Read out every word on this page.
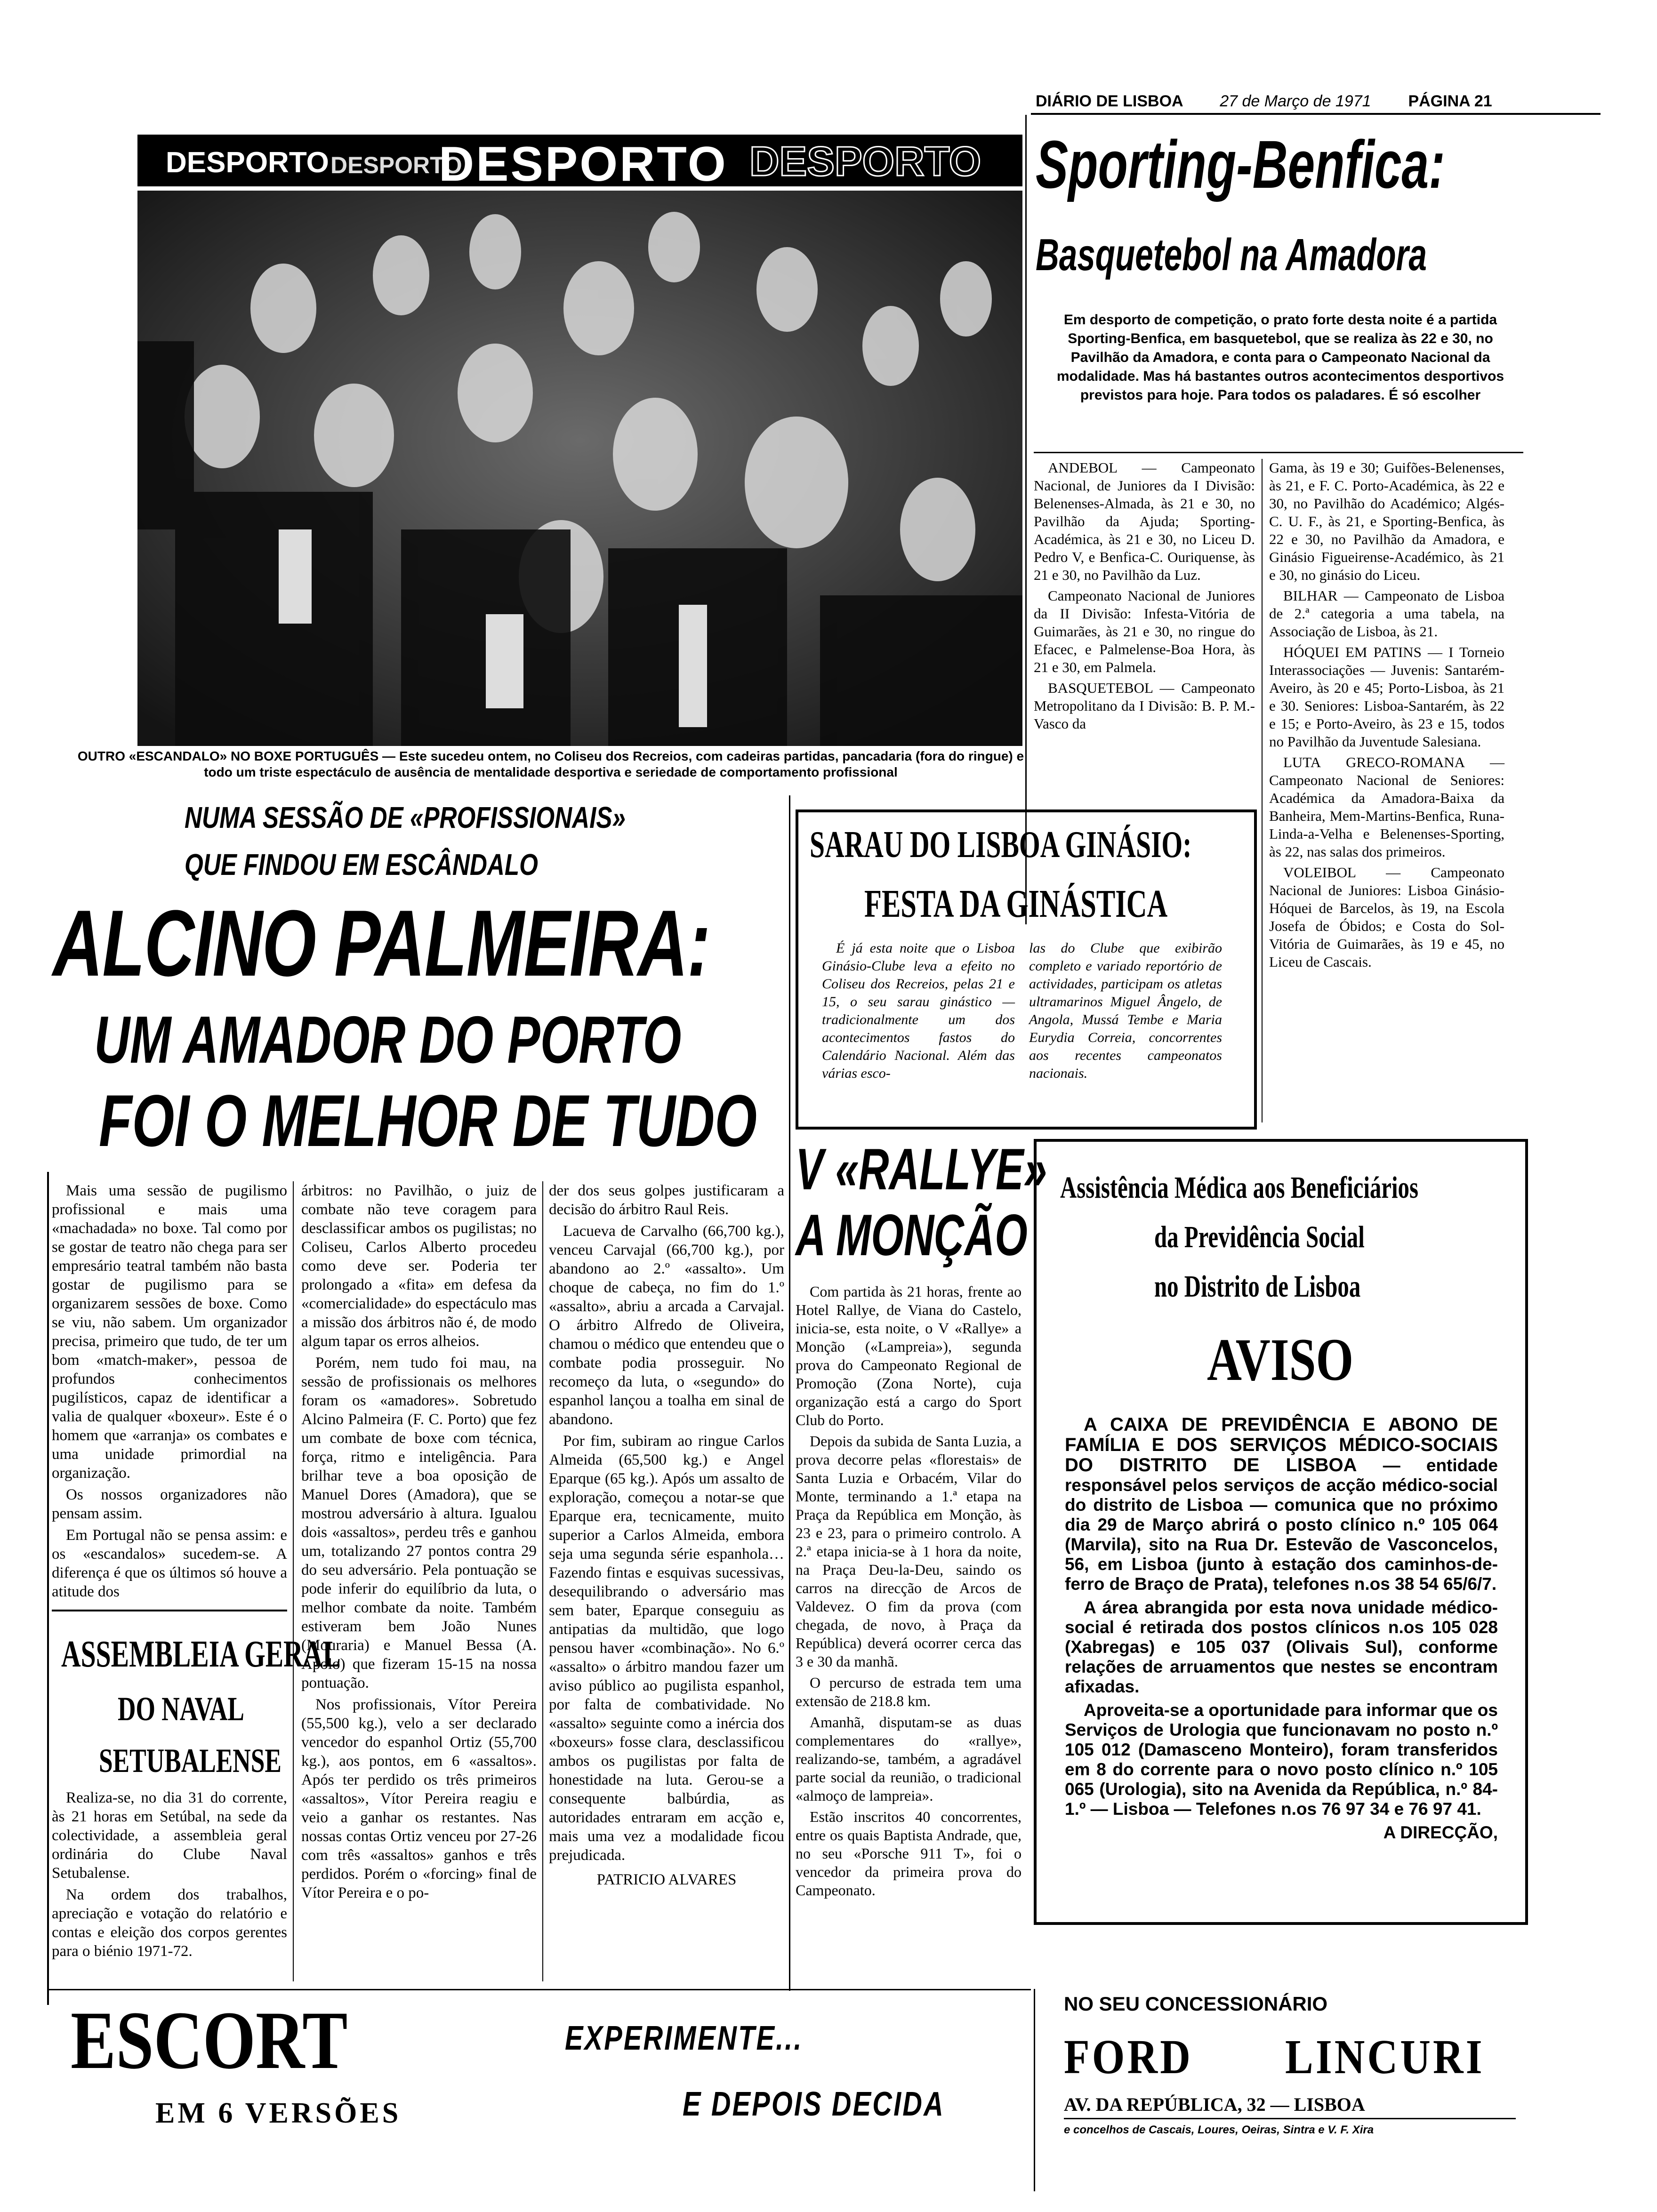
DIÁRIO DE LISBOA 27 de Março de 1971 PÁGINA 21
DESPORTO DESPORTO
DESPORTO DESPORTO
OUTRO «ESCANDALO» NO BOXE PORTUGUÊS — Este sucedeu ontem, no Coliseu dos Recreios, com cadeiras partidas, pancadaria (fora do ringue) e todo um triste espectáculo de ausência de mentalidade desportiva e seriedade de comportamento profissional
NUMA SESSÃO DE «PROFISSIONAIS»
QUE FINDOU EM ESCÂNDALO
ALCINO PALMEIRA:
UM AMADOR DO PORTO
FOI O MELHOR DE TUDO

Mais uma sessão de pugilismo profissional e mais uma «machadada» no boxe. Tal como por se gostar de teatro não chega para ser empresário teatral também não basta gostar de pugilismo para se organizarem sessões de boxe. Como se viu, não sabem. Um organizador precisa, primeiro que tudo, de ter um bom «match-maker», pessoa de profundos conhecimentos pugilísticos, capaz de identificar a valia de qualquer «boxeur». Este é o homem que «arranja» os combates e uma unidade primordial na organização.

Os nossos organizadores não pensam assim.

Em Portugal não se pensa assim: e os «escandalos» sucedem-se. A diferença é que os últimos só houve a atitude dos

ASSEMBLEIA GERAL
DO NAVAL
SETUBALENSE

Realiza-se, no dia 31 do corrente, às 21 horas em Setúbal, na sede da colectividade, a assembleia geral ordinária do Clube Naval Setubalense.

Na ordem dos trabalhos, apreciação e votação do relatório e contas e eleição dos corpos gerentes para o biénio 1971-72.

árbitros: no Pavilhão, o juiz de combate não teve coragem para desclassificar ambos os pugilistas; no Coliseu, Carlos Alberto procedeu como deve ser. Poderia ter prolongado a «fita» em defesa da «comercialidade» do espectáculo mas a missão dos árbitros não é, de modo algum tapar os erros alheios.

Porém, nem tudo foi mau, na sessão de profissionais os melhores foram os «amadores». Sobretudo Alcino Palmeira (F. C. Porto) que fez um combate de boxe com técnica, força, ritmo e inteligência. Para brilhar teve a boa oposição de Manuel Dores (Amadora), que se mostrou adversário à altura. Igualou dois «assaltos», perdeu três e ganhou um, totalizando 27 pontos contra 29 do seu adversário. Pela pontuação se pode inferir do equilíbrio da luta, o melhor combate da noite. Também estiveram bem João Nunes (Mouraria) e Manuel Bessa (A. Apolo) que fizeram 15-15 na nossa pontuação.

Nos profissionais, Vítor Pereira (55,500 kg.), velo a ser declarado vencedor do espanhol Ortiz (55,700 kg.), aos pontos, em 6 «assaltos». Após ter perdido os três primeiros «assaltos», Vítor Pereira reagiu e veio a ganhar os restantes. Nas nossas contas Ortiz venceu por 27-26 com três «assaltos» ganhos e três perdidos. Porém o «forcing» final de Vítor Pereira e o po-

der dos seus golpes justificaram a decisão do árbitro Raul Reis.

Lacueva de Carvalho (66,700 kg.), venceu Carvajal (66,700 kg.), por abandono ao 2.º «assalto». Um choque de cabeça, no fim do 1.º «assalto», abriu a arcada a Carvajal. O árbitro Alfredo de Oliveira, chamou o médico que entendeu que o combate podia prosseguir. No recomeço da luta, o «segundo» do espanhol lançou a toalha em sinal de abandono.

Por fim, subiram ao ringue Carlos Almeida (65,500 kg.) e Angel Eparque (65 kg.). Após um assalto de exploração, começou a notar-se que Eparque era, tecnicamente, muito superior a Carlos Almeida, embora seja uma segunda série espanhola… Fazendo fintas e esquivas sucessivas, desequilibrando o adversário mas sem bater, Eparque conseguiu as antipatias da multidão, que logo pensou haver «combinação». No 6.º «assalto» o árbitro mandou fazer um aviso público ao pugilista espanhol, por falta de combatividade. No «assalto» seguinte como a inércia dos «boxeurs» fosse clara, desclassificou ambos os pugilistas por falta de honestidade na luta. Gerou-se a consequente balbúrdia, as autoridades entraram em acção e, mais uma vez a modalidade ficou prejudicada.

PATRICIO ALVARES

Sporting-Benfica:
Basquetebol na Amadora
Em desporto de competição, o prato forte desta noite é a partida Sporting-Benfica, em basquetebol, que se realiza às 22 e 30, no Pavilhão da Amadora, e conta para o Campeonato Nacional da modalidade. Mas há bastantes outros acontecimentos desportivos previstos para hoje. Para todos os paladares. É só escolher

ANDEBOL — Campeonato Nacional, de Juniores da I Divisão: Belenenses-Almada, às 21 e 30, no Pavilhão da Ajuda; Sporting-Académica, às 21 e 30, no Liceu D. Pedro V, e Benfica-C. Ouriquense, às 21 e 30, no Pavilhão da Luz.

Campeonato Nacional de Juniores da II Divisão: Infesta-Vitória de Guimarães, às 21 e 30, no ringue do Efacec, e Palmelense-Boa Hora, às 21 e 30, em Palmela.

BASQUETEBOL — Campeonato Metropolitano da I Divisão: B. P. M.-Vasco da

Gama, às 19 e 30; Guifões-Belenenses, às 21, e F. C. Porto-Académica, às 22 e 30, no Pavilhão do Académico; Algés-C. U. F., às 21, e Sporting-Benfica, às 22 e 30, no Pavilhão da Amadora, e Ginásio Figueirense-Académico, às 21 e 30, no ginásio do Liceu.

BILHAR — Campeonato de Lisboa de 2.ª categoria a uma tabela, na Associação de Lisboa, às 21.

HÓQUEI EM PATINS — I Torneio Interassociações — Juvenis: Santarém-Aveiro, às 20 e 45; Porto-Lisboa, às 21 e 30. Seniores: Lisboa-Santarém, às 22 e 15; e Porto-Aveiro, às 23 e 15, todos no Pavilhão da Juventude Salesiana.

LUTA GRECO-ROMANA — Campeonato Nacional de Seniores: Académica da Amadora-Baixa da Banheira, Mem-Martins-Benfica, Runa-Linda-a-Velha e Belenenses-Sporting, às 22, nas salas dos primeiros.

VOLEIBOL — Campeonato Nacional de Juniores: Lisboa Ginásio-Hóquei de Barcelos, às 19, na Escola Josefa de Óbidos; e Costa do Sol-Vitória de Guimarães, às 19 e 45, no Liceu de Cascais.

SARAU DO LISBOA GINÁSIO:
FESTA DA GINÁSTICA
É já esta noite que o Lisboa Ginásio-Clube leva a efeito no Coliseu dos Recreios, pelas 21 e 15, o seu sarau ginástico — tradicionalmente um dos acontecimentos fastos do Calendário Nacional. Além das várias esco-
las do Clube que exibirão completo e variado reportório de actividades, participam os atletas ultramarinos Miguel Ângelo, de Angola, Mussá Tembe e Maria Eurydia Correia, concorrentes aos recentes campeonatos nacionais.
V «RALLYE»
A MONÇÃO

Com partida às 21 horas, frente ao Hotel Rallye, de Viana do Castelo, inicia-se, esta noite, o V «Rallye» a Monção («Lampreia»), segunda prova do Campeonato Regional de Promoção (Zona Norte), cuja organização está a cargo do Sport Club do Porto.

Depois da subida de Santa Luzia, a prova decorre pelas «florestais» de Santa Luzia e Orbacém, Vilar do Monte, terminando a 1.ª etapa na Praça da República em Monção, às 23 e 23, para o primeiro controlo. A 2.ª etapa inicia-se à 1 hora da noite, na Praça Deu-la-Deu, saindo os carros na direcção de Arcos de Valdevez. O fim da prova (com chegada, de novo, à Praça da República) deverá ocorrer cerca das 3 e 30 da manhã.

O percurso de estrada tem uma extensão de 218.8 km.

Amanhã, disputam-se as duas complementares do «rallye», realizando-se, também, a agradável parte social da reunião, o tradicional «almoço de lampreia».

Estão inscritos 40 concorrentes, entre os quais Baptista Andrade, que, no seu «Porsche 911 T», foi o vencedor da primeira prova do Campeonato.

Assistência Médica aos Beneficiários
da Previdência Social
no Distrito de Lisboa
AVISO

A CAIXA DE PREVIDÊNCIA E ABONO DE FAMÍLIA E DOS SERVIÇOS MÉDICO-SOCIAIS DO DISTRITO DE LISBOA — entidade responsável pelos serviços de acção médico-social do distrito de Lisboa — comunica que no próximo dia 29 de Março abrirá o posto clínico n.º 105 064 (Marvila), sito na Rua Dr. Estevão de Vasconcelos, 56, em Lisboa (junto à estação dos caminhos-de-ferro de Braço de Prata), telefones n.os 38 54 65/6/7.

A área abrangida por esta nova unidade médico-social é retirada dos postos clínicos n.os 105 028 (Xabregas) e 105 037 (Olivais Sul), conforme relações de arruamentos que nestes se encontram afixadas.

Aproveita-se a oportunidade para informar que os Serviços de Urologia que funcionavam no posto n.º 105 012 (Damasceno Monteiro), foram transferidos em 8 do corrente para o novo posto clínico n.º 105 065 (Urologia), sito na Avenida da República, n.º 84-1.º — Lisboa — Telefones n.os 76 97 34 e 76 97 41.

A DIRECÇÃO,

ESCORT
EM 6 VERSÕES
EXPERIMENTE...
E DEPOIS DECIDA
NO SEU CONCESSIONÁRIO
FORD LINCURI
AV. DA REPÚBLICA, 32 — LISBOA
e concelhos de Cascais, Loures, Oeiras, Sintra e V. F. Xira
